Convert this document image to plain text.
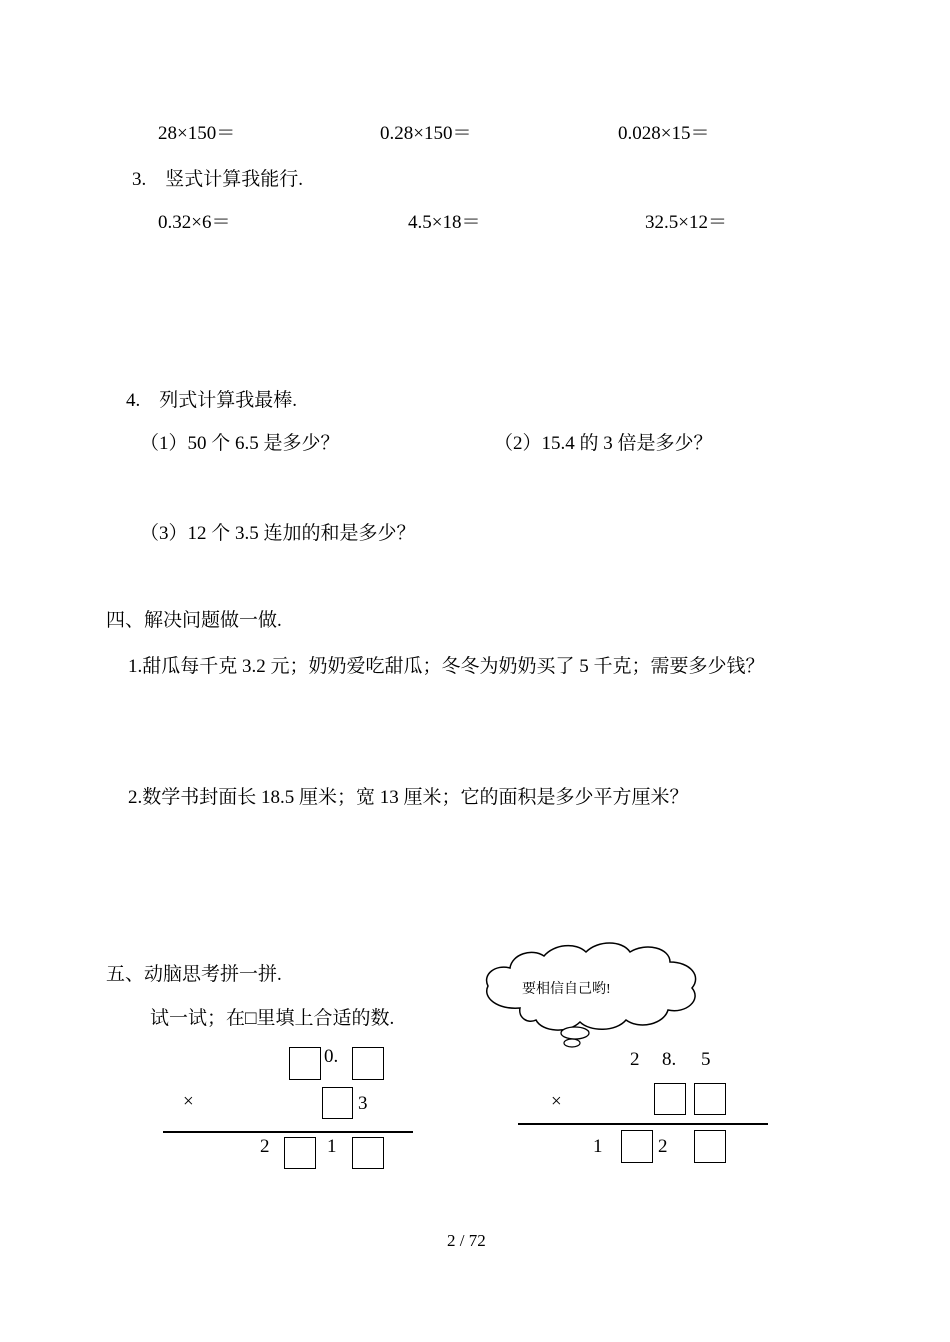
28×150＝	0.28×150＝	0.028×15＝
3.　竖式计算我能行.
0.32×6＝	4.5×18＝	32.5×12＝
4.　列式计算我最棒.
（1）50 个 6.5 是多少？	（2）15.4 的 3 倍是多少？
（3）12 个 3.5 连加的和是多少？
四、解决问题做一做.
1.甜瓜每千克 3.2 元；奶奶爱吃甜瓜；冬冬为奶奶买了 5 千克；需要多少钱？
2.数学书封面长 18.5 厘米；宽 13 厘米；它的面积是多少平方厘米？
五、动脑思考拼一拼.
试一试；在□里填上合适的数.
要相信自己哟!
0.
×	3
2	1
2 8. 5
×
1	2
2 / 72
